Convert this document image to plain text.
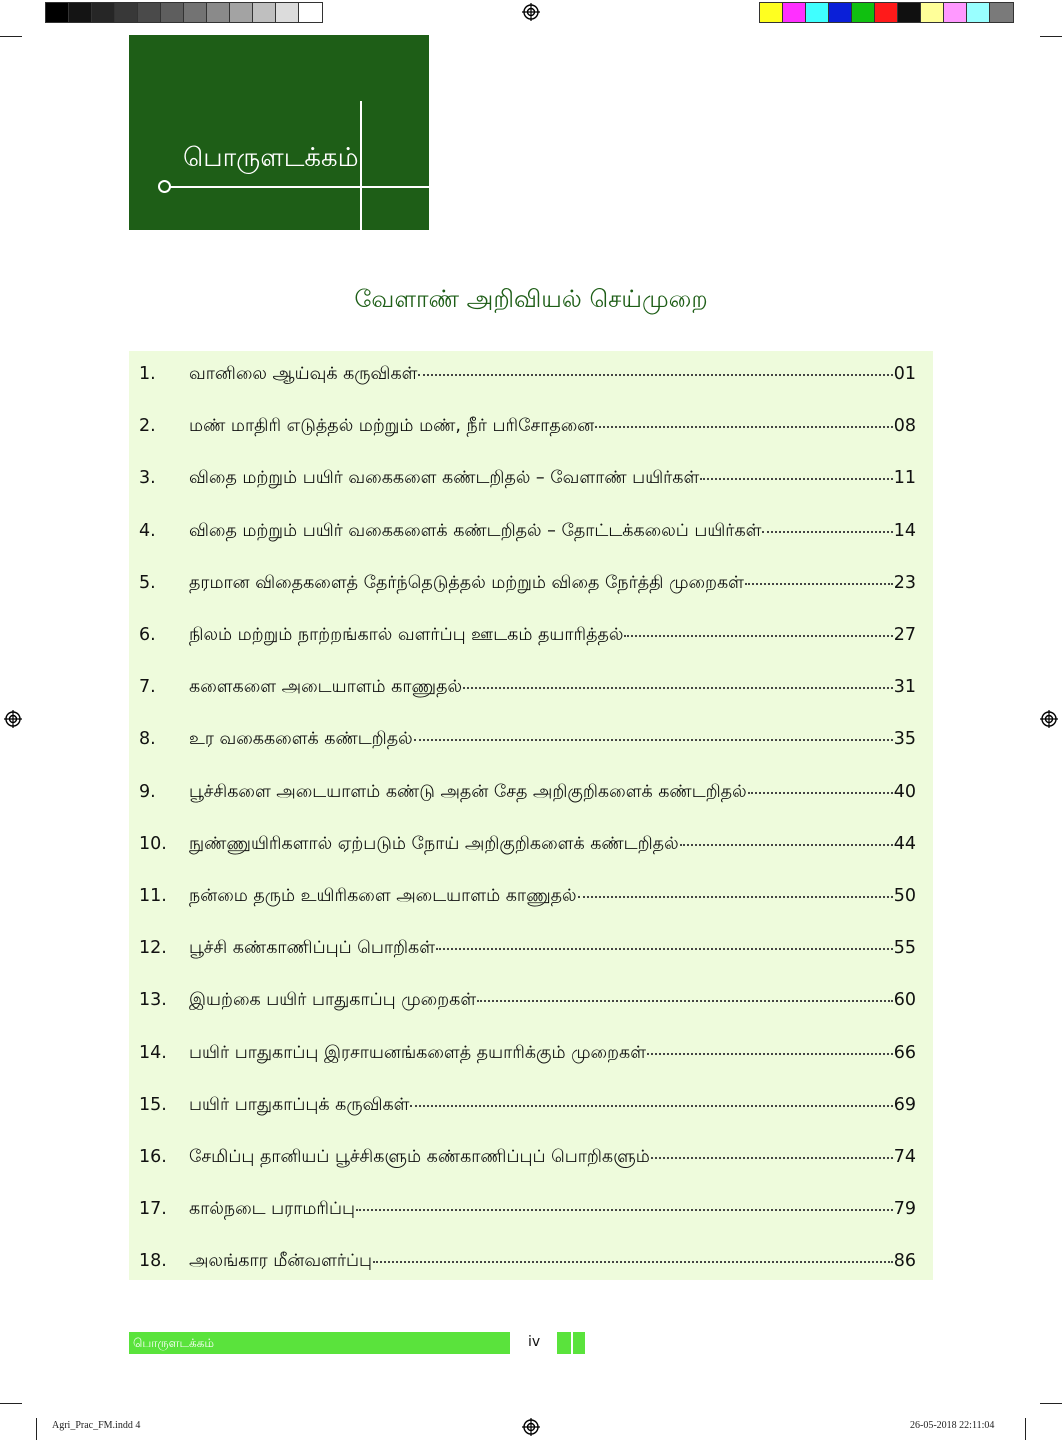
பொருளடக்கம்
வேளாண் அறிவியல் செய்முறை
1.	வானிலை ஆய்வுக் கருவிகள்	01
2.	மண் மாதிரி எடுத்தல் மற்றும் மண், நீர் பரிசோதனை	08
3.	விதை மற்றும் பயிர் வகைகளை கண்டறிதல் – வேளாண் பயிர்கள்	11
4.	விதை மற்றும் பயிர் வகைகளைக் கண்டறிதல் – தோட்டக்கலைப் பயிர்கள்	14
5.	தரமான விதைகளைத் தேர்ந்தெடுத்தல் மற்றும் விதை நேர்த்தி முறைகள்	23
6.	நிலம் மற்றும் நாற்றங்கால் வளர்ப்பு ஊடகம் தயாரித்தல்	27
7.	களைகளை அடையாளம் காணுதல்	31
8.	உர வகைகளைக் கண்டறிதல்	35
9.	பூச்சிகளை அடையாளம் கண்டு அதன் சேத அறிகுறிகளைக் கண்டறிதல்	40
10.	நுண்ணுயிரிகளால் ஏற்படும் நோய் அறிகுறிகளைக் கண்டறிதல்	44
11.	நன்மை தரும் உயிரிகளை அடையாளம் காணுதல்	50
12.	பூச்சி கண்காணிப்புப் பொறிகள்	55
13.	இயற்கை பயிர் பாதுகாப்பு முறைகள்	60
14.	பயிர் பாதுகாப்பு இரசாயனங்களைத் தயாரிக்கும் முறைகள்	66
15.	பயிர் பாதுகாப்புக் கருவிகள்	69
16.	சேமிப்பு தானியப் பூச்சிகளும் கண்காணிப்புப் பொறிகளும்	74
17.	கால்நடை பராமரிப்பு	79
18.	அலங்கார மீன்வளர்ப்பு	86
பொருளடக்கம்	iv
Agri_Prac_FM.indd 4	26-05-2018 22:11:04
